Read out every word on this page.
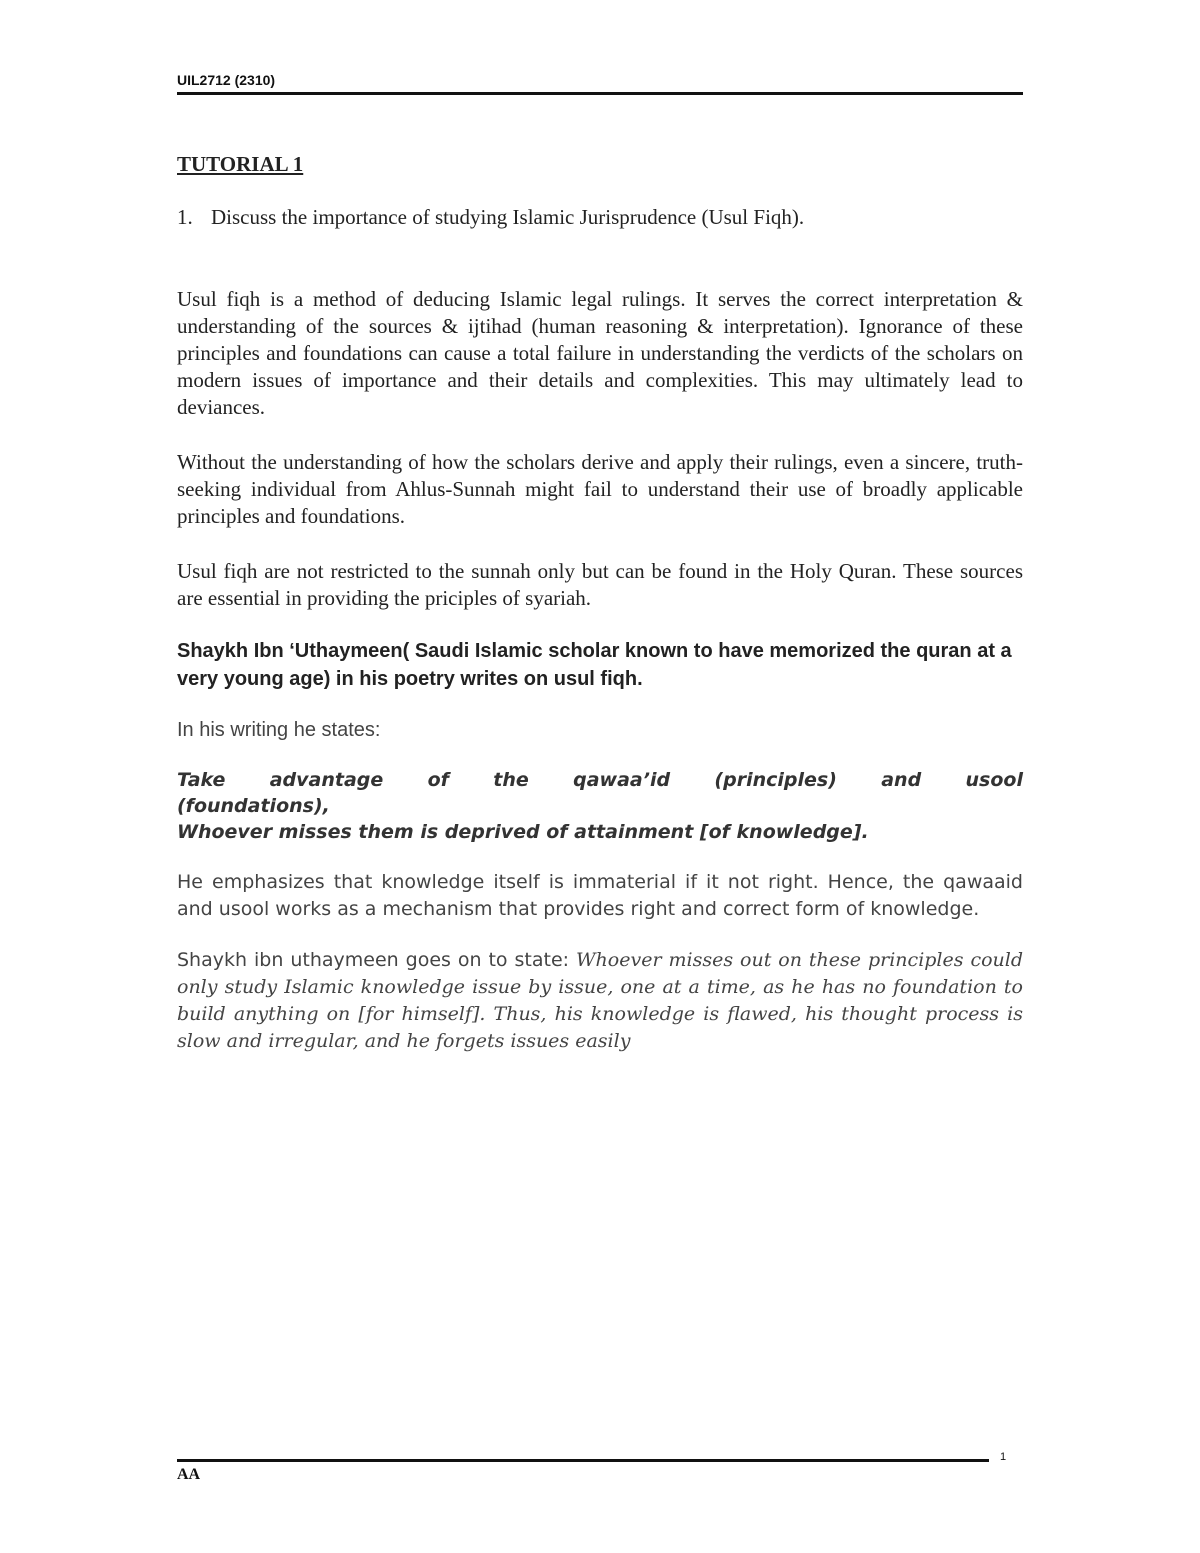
UIL2712 (2310)

TUTORIAL 1

1. Discuss the importance of studying Islamic Jurisprudence (Usul Fiqh).

Usul fiqh is a method of deducing Islamic legal rulings. It serves the correct interpretation & understanding of the sources & ijtihad (human reasoning & interpretation). Ignorance of these principles and foundations can cause a total failure in understanding the verdicts of the scholars on modern issues of importance and their details and complexities. This may ultimately lead to deviances.

Without the understanding of how the scholars derive and apply their rulings, even a sincere, truth-seeking individual from Ahlus-Sunnah might fail to understand their use of broadly applicable principles and foundations.

Usul fiqh are not restricted to the sunnah only but can be found in the Holy Quran. These sources are essential in providing the priciples of syariah.

Shaykh Ibn ‘Uthaymeen( Saudi Islamic scholar known to have memorized the quran at a very young age) in his poetry writes on usul fiqh.
In his writing he states:
Take advantage of the qawaa’id (principles) and usool
(foundations),
Whoever misses them is deprived of attainment [of knowledge].
He emphasizes that knowledge itself is immaterial if it not right. Hence, the qawaaid and usool works as a mechanism that provides right and correct form of knowledge.
Shaykh ibn uthaymeen goes on to state: Whoever misses out on these principles could only study Islamic knowledge issue by issue, one at a time, as he has no foundation to build anything on [for himself]. Thus, his knowledge is flawed, his thought process is slow and irregular, and he forgets issues easily
1
AA
